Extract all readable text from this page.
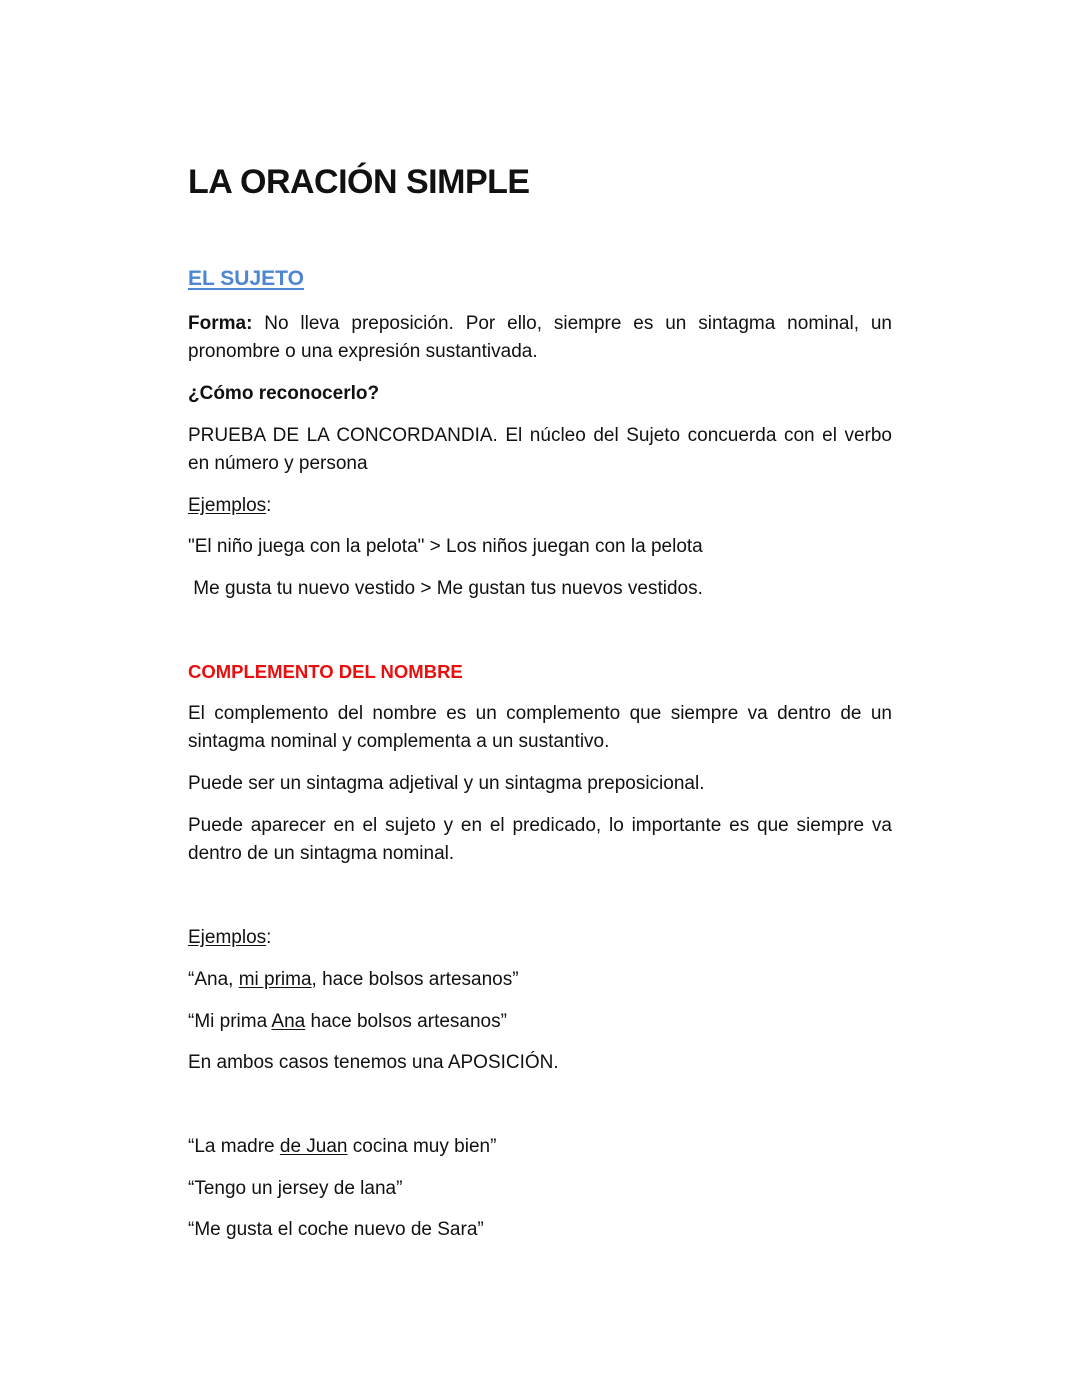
LA ORACIÓN SIMPLE
EL SUJETO

Forma: No lleva preposición. Por ello, siempre es un sintagma nominal, un pronombre o una expresión sustantivada.

¿Cómo reconocerlo?

PRUEBA DE LA CONCORDANDIA. El núcleo del Sujeto concuerda con el verbo en número y persona

Ejemplos:

"El niño juega con la pelota" > Los niños juegan con la pelota

Me gusta tu nuevo vestido > Me gustan tus nuevos vestidos.

COMPLEMENTO DEL NOMBRE

El complemento del nombre es un complemento que siempre va dentro de un sintagma nominal y complementa a un sustantivo.

Puede ser un sintagma adjetival y un sintagma preposicional.

Puede aparecer en el sujeto y en el predicado, lo importante es que siempre va dentro de un sintagma nominal.

Ejemplos:

“Ana, mi prima, hace bolsos artesanos”

“Mi prima Ana hace bolsos artesanos”

En ambos casos tenemos una APOSICIÓN.

“La madre de Juan cocina muy bien”

“Tengo un jersey de lana”

“Me gusta el coche nuevo de Sara”
